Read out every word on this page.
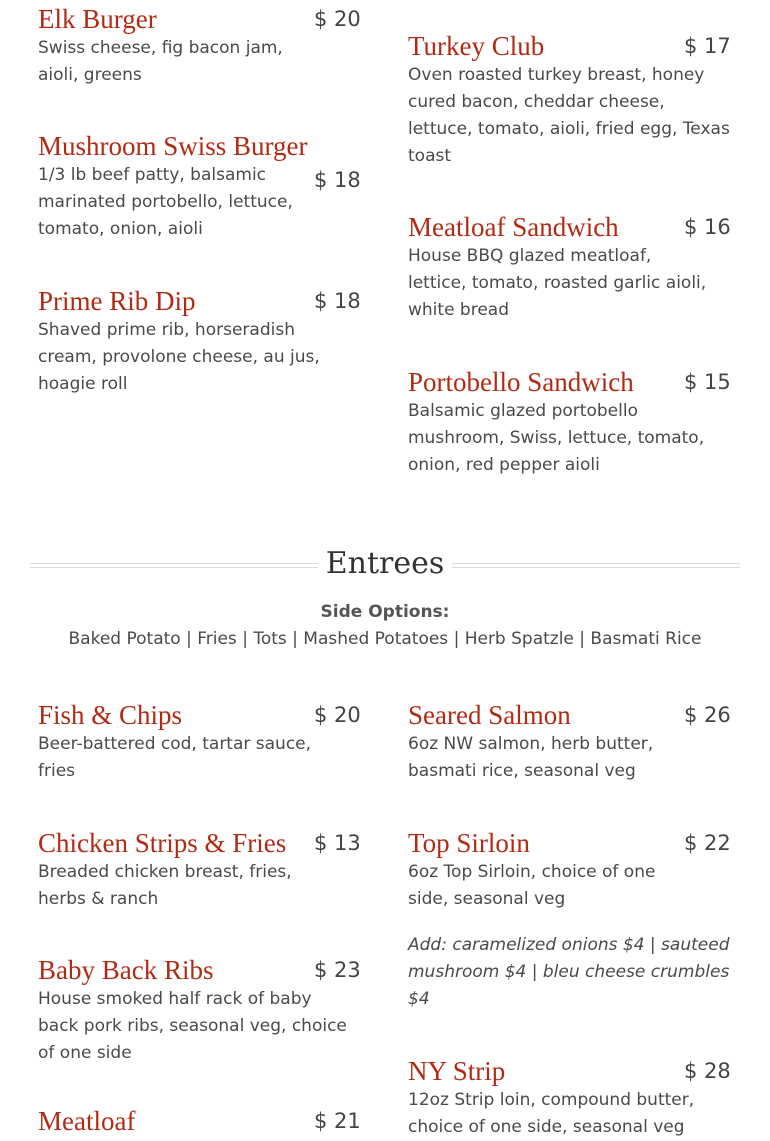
Elk Burger	$ 20

Swiss cheese, fig bacon jam, aioli, greens

Mushroom Swiss Burger
$ 18

1/3 lb beef patty, balsamic marinated portobello, lettuce, tomato, onion, aioli

Prime Rib Dip	$ 18

Shaved prime rib, horseradish cream, provolone cheese, au jus, hoagie roll

Turkey Club	$ 17

Oven roasted turkey breast, honey cured bacon, cheddar cheese, lettuce, tomato, aioli, fried egg, Texas toast

Meatloaf Sandwich	$ 16

House BBQ glazed meatloaf, lettice, tomato, roasted garlic aioli, white bread

Portobello Sandwich $ 15

Balsamic glazed portobello mushroom, Swiss, lettuce, tomato, onion, red pepper aioli

Entrees
Side Options:
Baked Potato | Fries | Tots | Mashed Potatoes | Herb Spatzle | Basmati Rice
Fish & Chips	$ 20

Beer-battered cod, tartar sauce, fries

Chicken Strips & Fries $ 13

Breaded chicken breast, fries, herbs & ranch

Baby Back Ribs	$ 23

House smoked half rack of baby back pork ribs, seasonal veg, choice of one side

Meatloaf	$ 21
Seared Salmon	$ 26

6oz NW salmon, herb butter, basmati rice, seasonal veg

Top Sirloin	$ 22

6oz Top Sirloin, choice of one side, seasonal veg

Add: caramelized onions $4 | sauteed mushroom $4 | bleu cheese crumbles $4

NY Strip	$ 28

12oz Strip loin, compound butter, choice of one side, seasonal veg
